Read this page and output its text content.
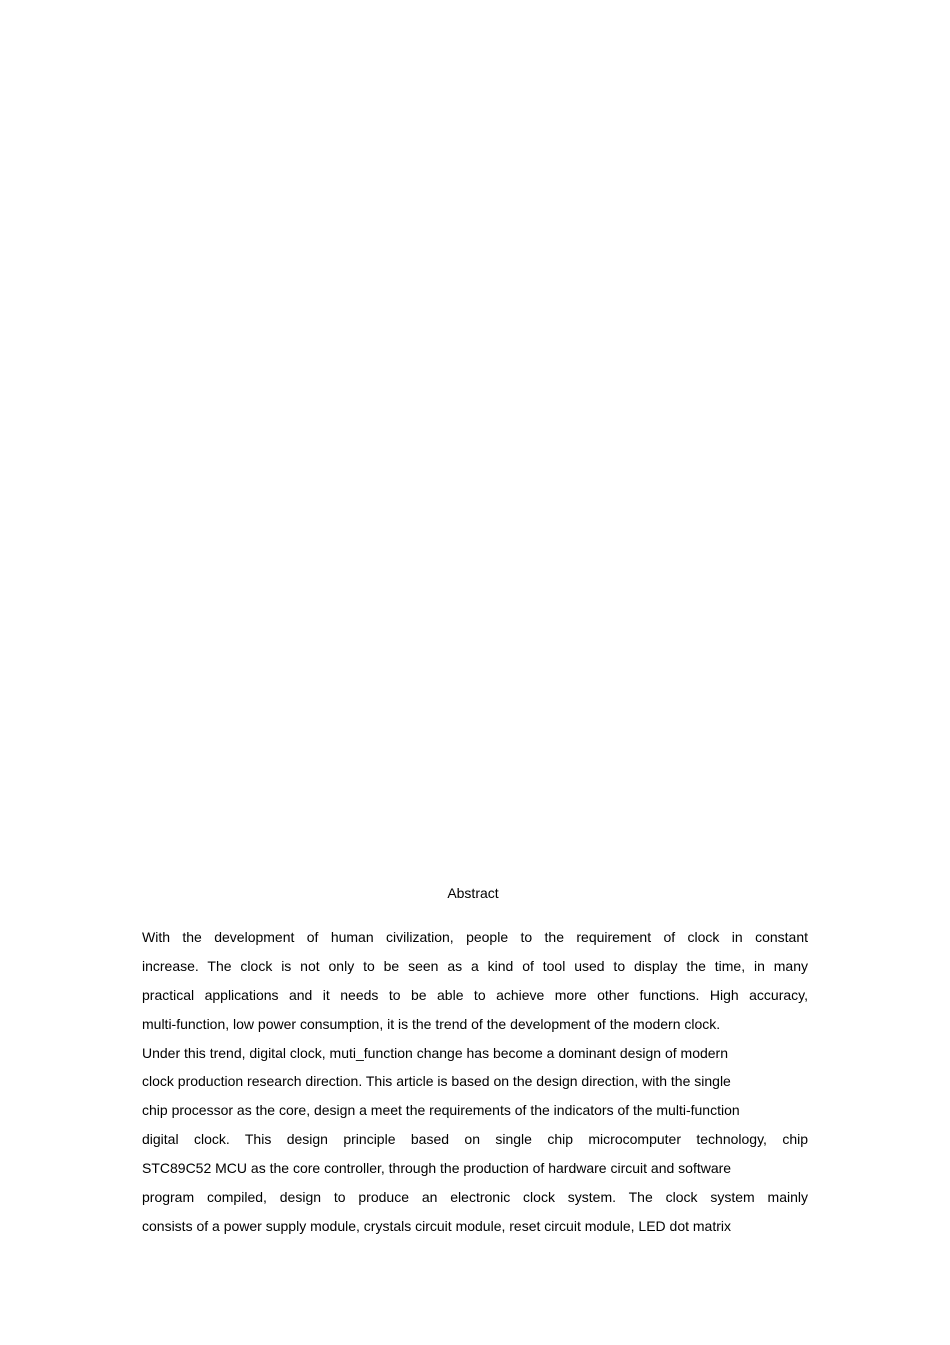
Abstract
With the development of human civilization, people to the requirement of clock in constant
increase. The clock is not only to be seen as a kind of tool used to display the time, in many
practical applications and it needs to be able to achieve more other functions. High accuracy,
multi-function, low power consumption, it is the trend of the development of the modern clock.
Under this trend, digital clock, muti_function change has become a dominant design of modern
clock production research direction. This article is based on the design direction, with the single
chip processor as the core, design a meet the requirements of the indicators of the multi-function
digital clock. This design principle based on single chip microcomputer technology, chip
STC89C52 MCU as the core controller, through the production of hardware circuit and software
program compiled, design to produce an electronic clock system. The clock system mainly
consists of a power supply module, crystals circuit module, reset circuit module, LED dot matrix
